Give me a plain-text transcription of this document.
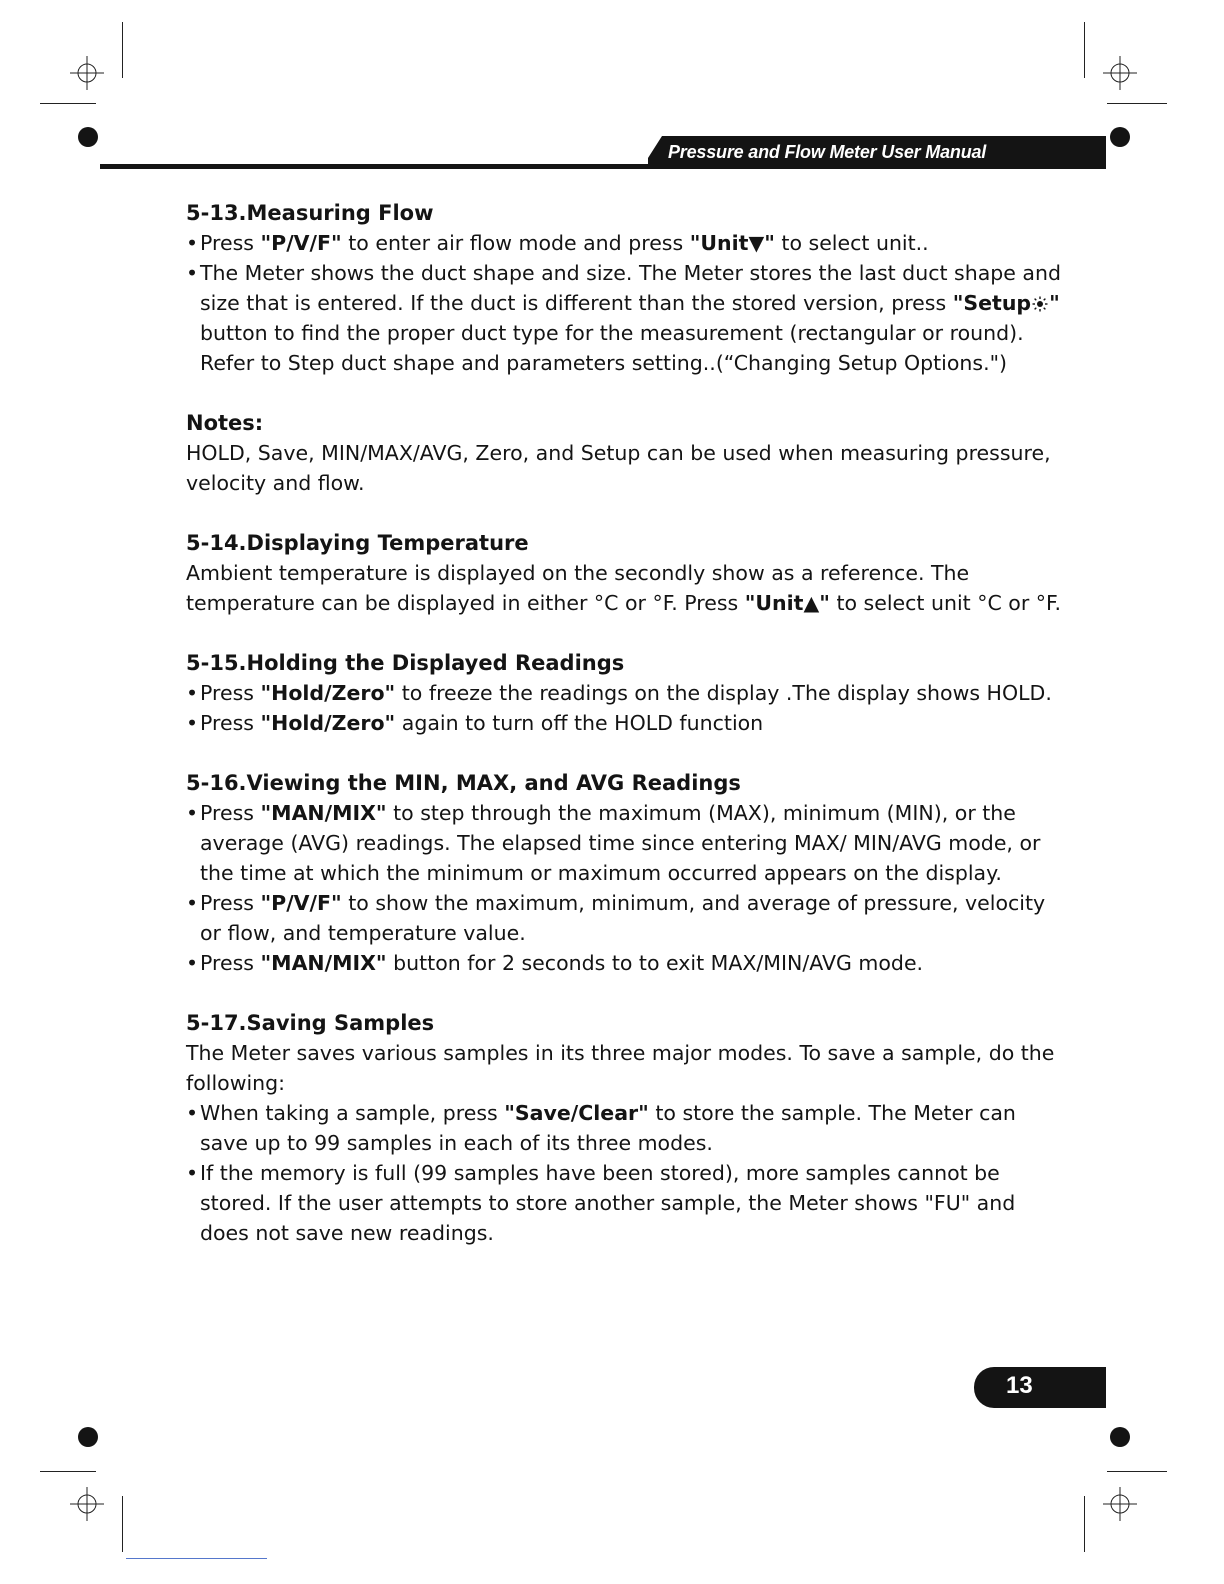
Pressure and Flow Meter User Manual
5-13.Measuring Flow
• Press "P/V/F" to enter air flow mode and press "Unit▼" to select unit..
• The Meter shows the duct shape and size. The Meter stores the last duct shape and size that is entered. If the duct is different than the stored version, press "Setup " button to find the proper duct type for the measurement (rectangular or round). Refer to Step duct shape and parameters setting..(“Changing Setup Options.")
Notes:

HOLD, Save, MIN/MAX/AVG, Zero, and Setup can be used when measuring pressure, velocity and flow.

5-14.Displaying Temperature

Ambient temperature is displayed on the secondly show as a reference. The temperature can be displayed in either °C or °F. Press "Unit▲" to select unit °C or °F.

5-15.Holding the Displayed Readings
• Press "Hold/Zero" to freeze the readings on the display .The display shows HOLD.
• Press "Hold/Zero" again to turn off the HOLD function
5-16.Viewing the MIN, MAX, and AVG Readings
• Press "MAN/MIX" to step through the maximum (MAX), minimum (MIN), or the average (AVG) readings. The elapsed time since entering MAX/ MIN/AVG mode, or the time at which the minimum or maximum occurred appears on the display.
• Press "P/V/F" to show the maximum, minimum, and average of pressure, velocity or flow, and temperature value.
• Press "MAN/MIX" button for 2 seconds to to exit MAX/MIN/AVG mode.
5-17.Saving Samples

The Meter saves various samples in its three major modes. To save a sample, do the following:

• When taking a sample, press "Save/Clear" to store the sample. The Meter can save up to 99 samples in each of its three modes.
• If the memory is full (99 samples have been stored), more samples cannot be stored. If the user attempts to store another sample, the Meter shows "FU" and does not save new readings.
13
